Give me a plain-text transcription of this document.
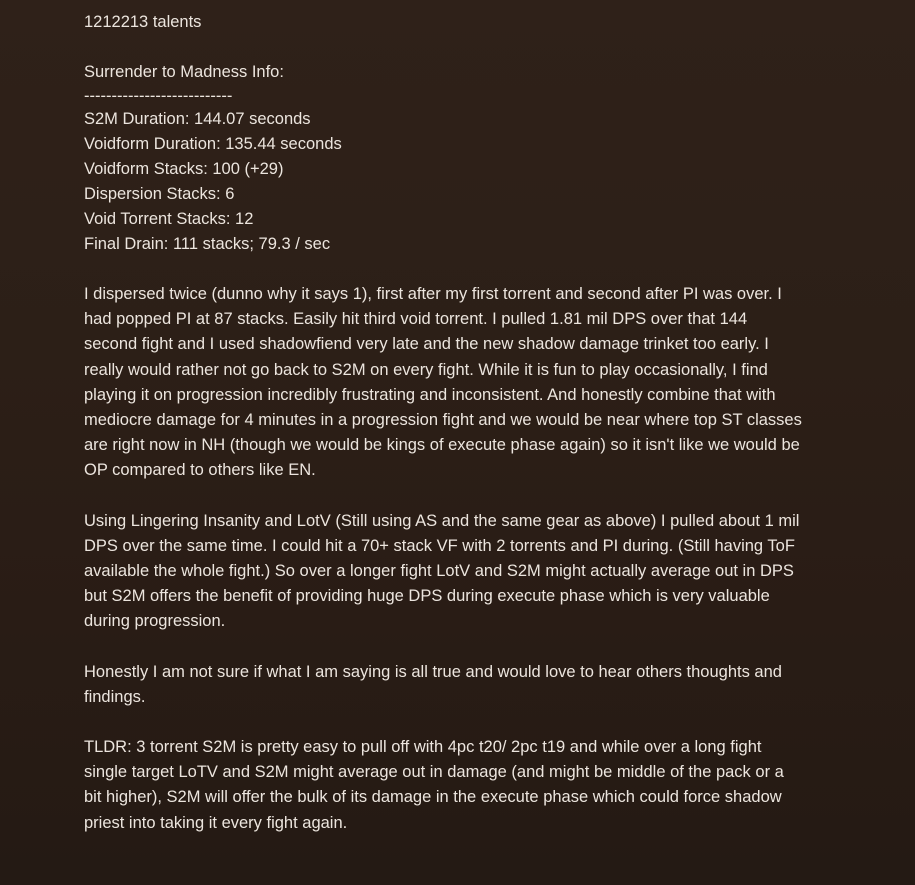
1212213 talents
Surrender to Madness Info:
---------------------------
S2M Duration: 144.07 seconds
Voidform Duration: 135.44 seconds
Voidform Stacks: 100 (+29)
Dispersion Stacks: 6
Void Torrent Stacks: 12
Final Drain: 111 stacks; 79.3 / sec

I dispersed twice (dunno why it says 1), first after my first torrent and second after PI was over. I had popped PI at 87 stacks. Easily hit third void torrent. I pulled 1.81 mil DPS over that 144 second fight and I used shadowfiend very late and the new shadow damage trinket too early. I really would rather not go back to S2M on every fight. While it is fun to play occasionally, I find playing it on progression incredibly frustrating and inconsistent. And honestly combine that with mediocre damage for 4 minutes in a progression fight and we would be near where top ST classes are right now in NH (though we would be kings of execute phase again) so it isn't like we would be OP compared to others like EN.

Using Lingering Insanity and LotV (Still using AS and the same gear as above) I pulled about 1 mil DPS over the same time. I could hit a 70+ stack VF with 2 torrents and PI during. (Still having ToF available the whole fight.) So over a longer fight LotV and S2M might actually average out in DPS but S2M offers the benefit of providing huge DPS during execute phase which is very valuable during progression.

Honestly I am not sure if what I am saying is all true and would love to hear others thoughts and findings.

TLDR: 3 torrent S2M is pretty easy to pull off with 4pc t20/ 2pc t19 and while over a long fight single target LoTV and S2M might average out in damage (and might be middle of the pack or a bit higher), S2M will offer the bulk of its damage in the execute phase which could force shadow priest into taking it every fight again.
